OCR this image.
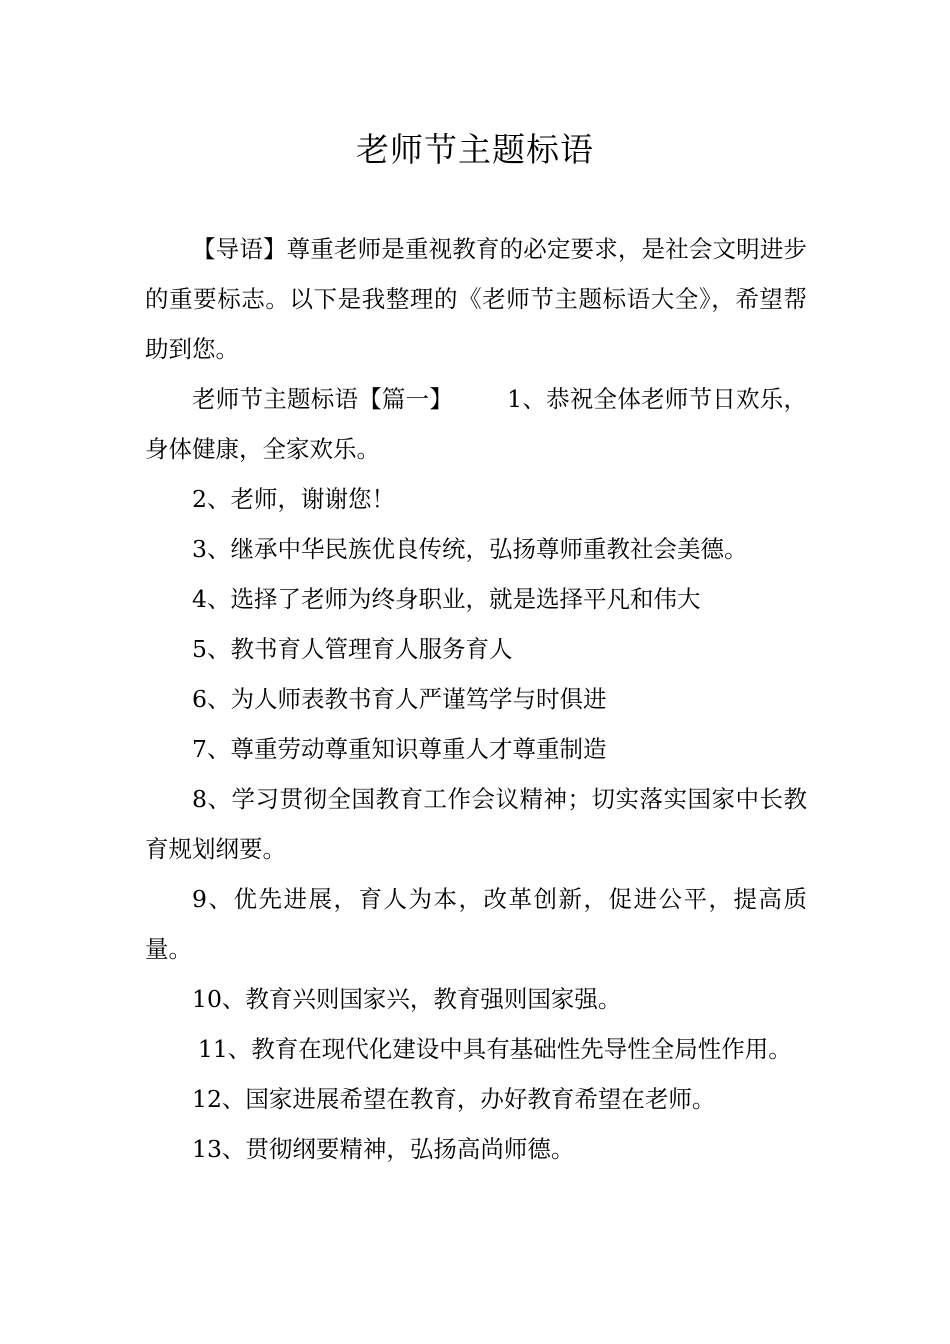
老师节主题标语

【导语】尊重老师是重视教育的必定要求，是社会文明进步的重要标志。以下是我整理的《老师节主题标语大全》，希望帮助到您。

老师节主题标语【篇一】 1、恭祝全体老师节日欢乐，身体健康，全家欢乐。

2、老师，谢谢您！

3、继承中华民族优良传统，弘扬尊师重教社会美德。

4、选择了老师为终身职业，就是选择平凡和伟大

5、教书育人管理育人服务育人

6、为人师表教书育人严谨笃学与时俱进

7、尊重劳动尊重知识尊重人才尊重制造

8、学习贯彻全国教育工作会议精神；切实落实国家中长教育规划纲要。

9、优先进展，育人为本，改革创新，促进公平，提高质量。

10、教育兴则国家兴，教育强则国家强。

11、教育在现代化建设中具有基础性先导性全局性作用。

12、国家进展希望在教育，办好教育希望在老师。

13、贯彻纲要精神，弘扬高尚师德。
